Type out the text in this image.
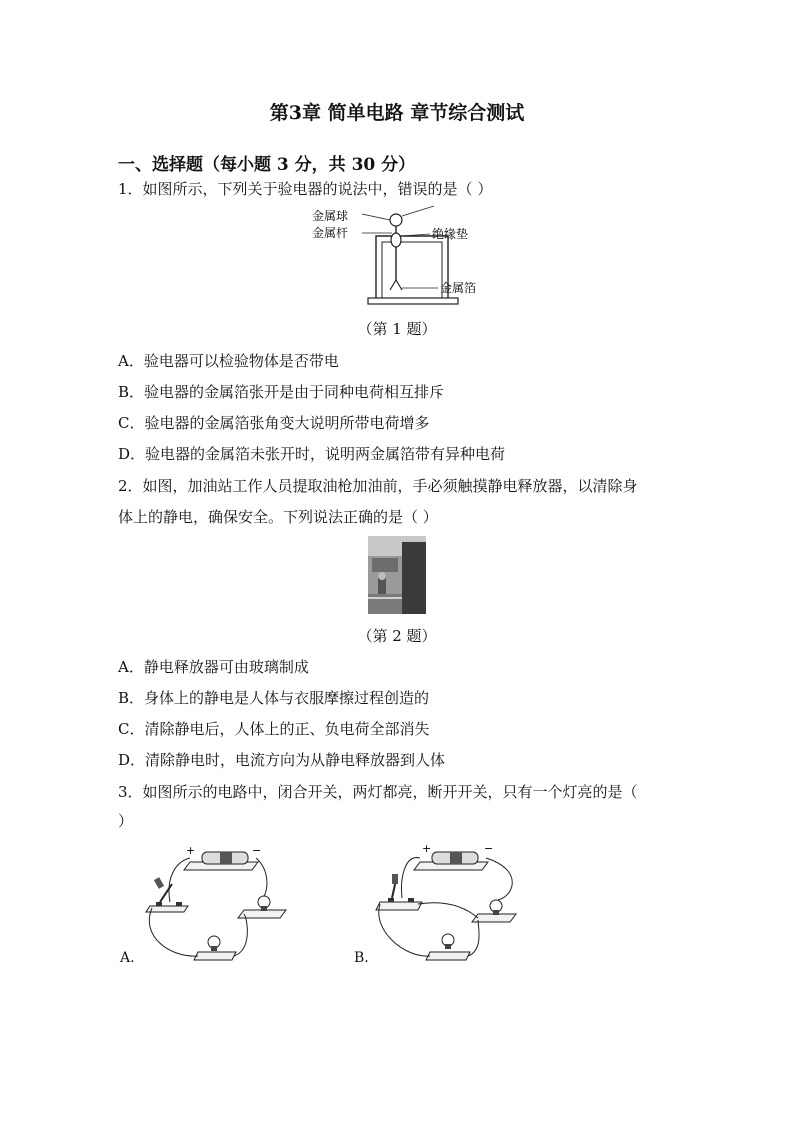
第3章 简单电路 章节综合测试
一、选择题（每小题 3 分，共 30 分）
1．如图所示，下列关于验电器的说法中，错误的是（ ）
金属球
金属杆	绝缘垫
金属箔
（第 1 题）
A．验电器可以检验物体是否带电
B．验电器的金属箔张开是由于同种电荷相互排斥
C．验电器的金属箔张角变大说明所带电荷增多
D．验电器的金属箔未张开时，说明两金属箔带有异种电荷
2．如图，加油站工作人员提取油枪加油前，手必须触摸静电释放器，以清除身
体上的静电，确保安全。下列说法正确的是（ ）
（第 2 题）
A．静电释放器可由玻璃制成
B．身体上的静电是人体与衣服摩擦过程创造的
C．清除静电后，人体上的正、负电荷全部消失
D．清除静电时，电流方向为从静电释放器到人体
3．如图所示的电路中，闭合开关，两灯都亮，断开开关，只有一个灯亮的是（
）
+	−
A.
+	−
B.
